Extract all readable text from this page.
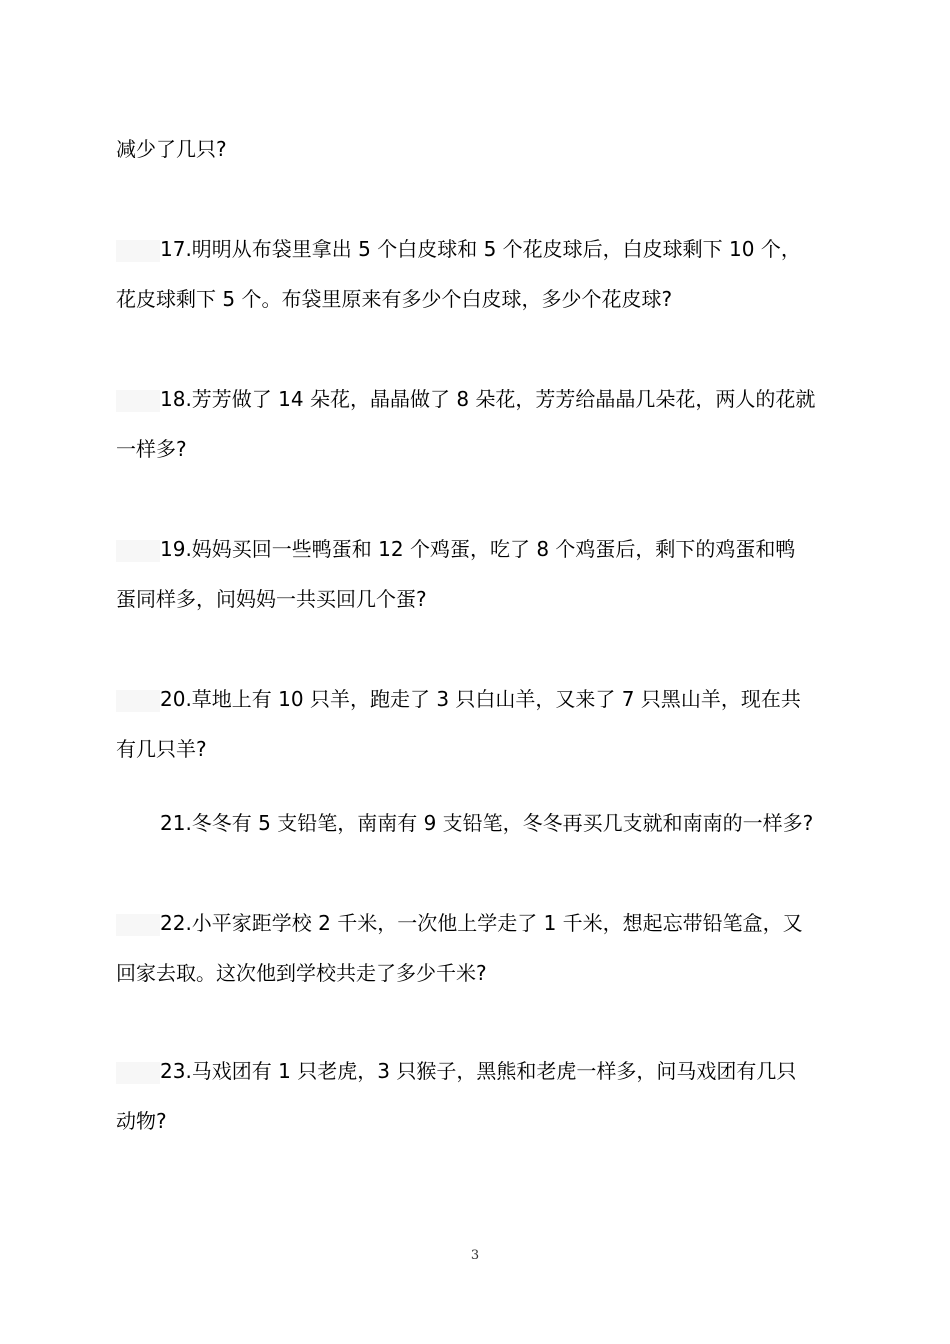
减少了几只?
17.明明从布袋里拿出 5 个白皮球和 5 个花皮球后，白皮球剩下 10 个，
花皮球剩下 5 个。布袋里原来有多少个白皮球，多少个花皮球?
18.芳芳做了 14 朵花，晶晶做了 8 朵花，芳芳给晶晶几朵花，两人的花就
一样多?
19.妈妈买回一些鸭蛋和 12 个鸡蛋，吃了 8 个鸡蛋后，剩下的鸡蛋和鸭
蛋同样多，问妈妈一共买回几个蛋?
20.草地上有 10 只羊，跑走了 3 只白山羊，又来了 7 只黑山羊，现在共
有几只羊?
21.冬冬有 5 支铅笔，南南有 9 支铅笔，冬冬再买几支就和南南的一样多?
22.小平家距学校 2 千米，一次他上学走了 1 千米，想起忘带铅笔盒，又
回家去取。这次他到学校共走了多少千米?
23.马戏团有 1 只老虎，3 只猴子，黑熊和老虎一样多，问马戏团有几只
动物?
3
